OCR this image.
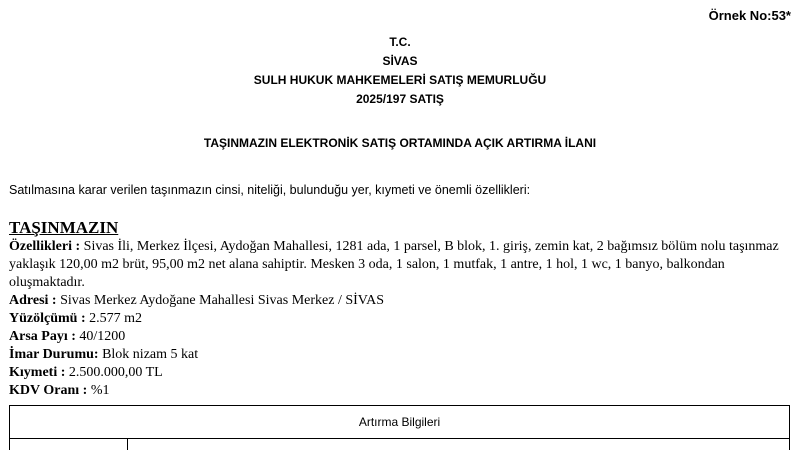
Örnek No:53*
T.C.
SİVAS
SULH HUKUK MAHKEMELERİ SATIŞ MEMURLUĞU
2025/197 SATIŞ
TAŞINMAZIN ELEKTRONİK SATIŞ ORTAMINDA AÇIK ARTIRMA İLANI
Satılmasına karar verilen taşınmazın cinsi, niteliği, bulunduğu yer, kıymeti ve önemli özellikleri:
TAŞINMAZIN

Özellikleri : Sivas İli, Merkez İlçesi, Aydoğan Mahallesi, 1281 ada, 1 parsel, B blok, 1. giriş, zemin kat, 2 bağımsız bölüm nolu taşınmaz yaklaşık 120,00 m2 brüt, 95,00 m2 net alana sahiptir. Mesken 3 oda, 1 salon, 1 mutfak, 1 antre, 1 hol, 1 wc, 1 banyo, balkondan oluşmaktadır.

Adresi : Sivas Merkez Aydoğane Mahallesi Sivas Merkez / SİVAS

Yüzölçümü : 2.577 m2

Arsa Payı : 40/1200

İmar Durumu: Blok nizam 5 kat

Kıymeti : 2.500.000,00 TL

KDV Oranı : %1

Artırma Bilgileri
